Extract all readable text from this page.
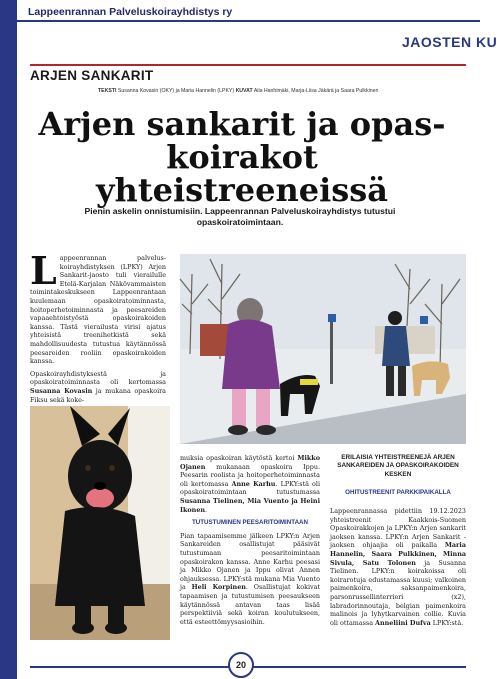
Lappeenrannan Palveluskoirayhdistys ry
JAOSTEN KU
ARJEN SANKARIT
TEKSTI Susanna Kovasin (OKY) ja Maria Hannelin (LPKY) KUVAT Aila Hanhimäki, Marja-Liisa Jäkärä ja Saara Pulkkinen
Arjen sankarit ja opas-koirakot yhteistreeneissä
Pienin askelin onnistumisiin. Lappeenrannan Palveluskoirayhdistys tutustui opaskoiratoimintaan.
L appeenrannan palveluskoirayhdistyksen (LPKY) Arjen Sankarit-jaosto tuli vierailulle Etelä-Karjalan Näkövammaisten toimintakeskukseen Lappeenrantaan kuulemaan opaskoiratoiminnasta, hoitoperhetoiminnasta ja peesareiden vapaaehtoistyöstä opaskoirakoiden kanssa. Tästä vierailusta virisi ajatus yhteisistä treenihetkistä sekä mahdollisuudesta tutustua käytännössä peesareiden rooliin opaskoirakoiden kanssa.

Opaskoirayhdistyksestä ja opaskoiratoiminnasta oli kertomassa Susanna Kovasin ja mukana opaskoira Fiksu sekä koke-

muksia opaskoiran käytöstä kertoi Mikko Ojanen mukanaan opaskoira Ippu. Peesarin roolista ja hoitoperhetoiminnasta oli kertomassa Anne Karhu. LPKY:stä oli opaskoiratoimintaan tutustumassa Susanna Tielinen, Mia Vuento ja Heini Ikonen.

TUTUSTUMINEN PEESARITOIMINTAAN

Pian tapaamisemme jälkeen LPKY:n Arjen Sankareiden osallistujat pääsivät tutustumaan peesaritoimintaan opaskoirakon kanssa. Anne Karhu peesasi ja Mikko Ojanen ja Ippu olivat Annen ohjauksessa. LPKY:stä mukana Mia Vuento ja Heli Korpinen. Osallistujat kokivat tapaamisen ja tutustumisen peesaukseen käytännössä antavan taas lisää perspektiiviä sekä koiran koulutukseen, että esteettömyysasioihin.

ERILAISIA YHTEISTREENEJÄ ARJEN SANKAREIDEN JA OPASKOIRAKOIDEN KESKEN
OHITUSTREENIT PARKKIPAIKALLA

Lappeenrannassa pidettiin 19.12.2023 yhteistreenit Kaakkois-Suomen Opaskoirakkojen ja LPKY:n Arjen sankarit jaoksen kanssa. LPKY:n Arjen Sankarit -jaoksen ohjaajia oli paikalla Maria Hannelin, Saara Pulkkinen, Minna Sivula, Satu Tolonen ja Susanna Tielinen. LPKY:n koirakoissa oli koirarotuja edustamassa kuusi; valkoinen paimenkoira, saksanpaimenkoira, parsonrussellinterrieri (x2), labradorinnoutaja, belgian paimenkoira malinois ja lyhytkarvainen collie. Kuvia oli ottamassa Anneliini Dufva LPKY:stä.

20
